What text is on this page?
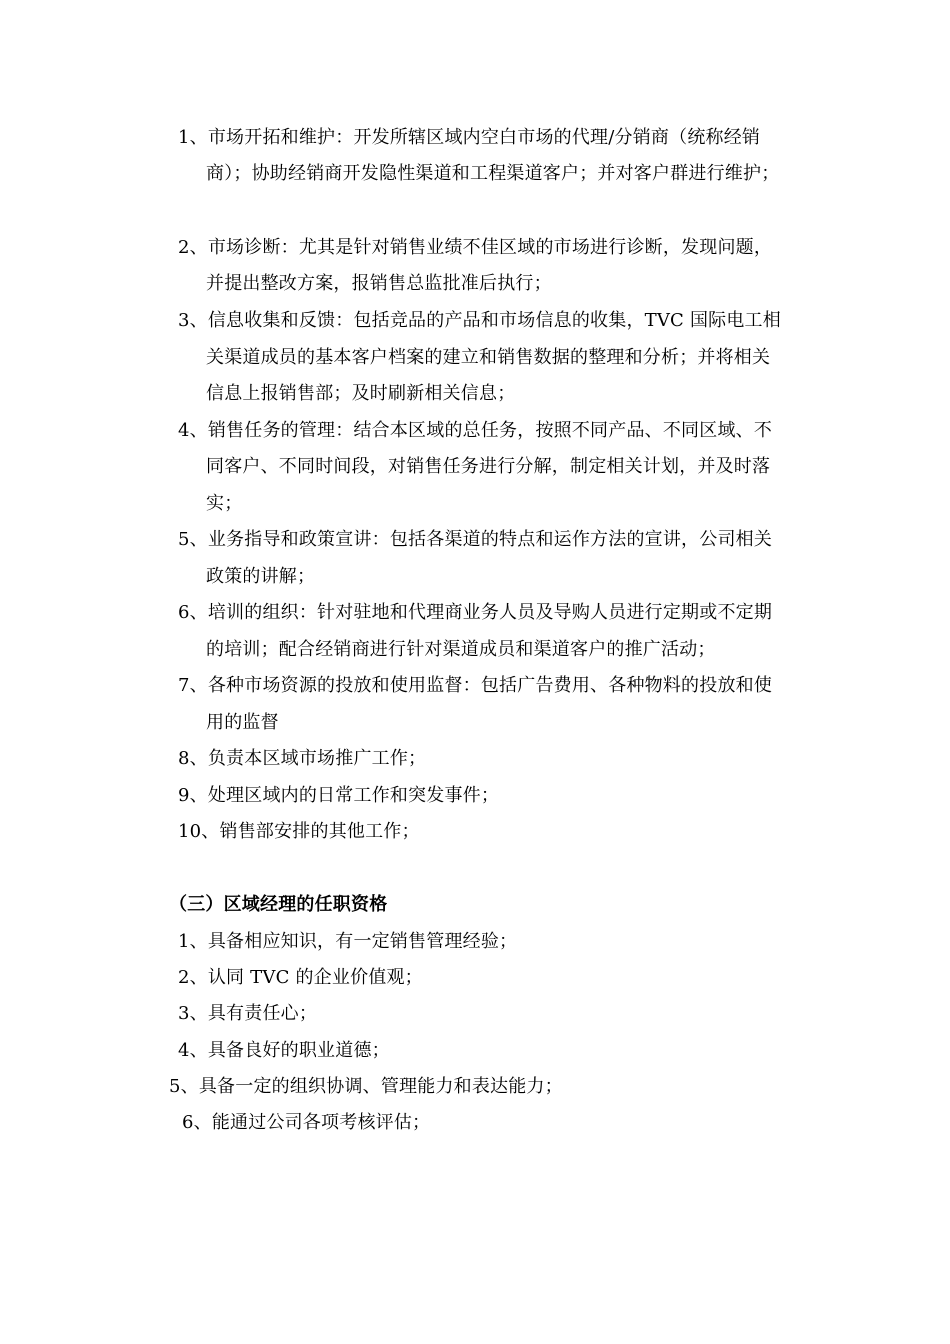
1、市场开拓和维护：开发所辖区域内空白市场的代理/分销商（统称经销
商）；协助经销商开发隐性渠道和工程渠道客户；并对客户群进行维护；
2、市场诊断：尤其是针对销售业绩不佳区域的市场进行诊断，发现问题，
并提出整改方案，报销售总监批准后执行；
3、信息收集和反馈：包括竞品的产品和市场信息的收集，TVC 国际电工相
关渠道成员的基本客户档案的建立和销售数据的整理和分析；并将相关
信息上报销售部；及时刷新相关信息；
4、销售任务的管理：结合本区域的总任务，按照不同产品、不同区域、不
同客户、不同时间段，对销售任务进行分解，制定相关计划，并及时落
实；
5、业务指导和政策宣讲：包括各渠道的特点和运作方法的宣讲，公司相关
政策的讲解；
6、培训的组织：针对驻地和代理商业务人员及导购人员进行定期或不定期
的培训；配合经销商进行针对渠道成员和渠道客户的推广活动；
7、各种市场资源的投放和使用监督：包括广告费用、各种物料的投放和使
用的监督
8、负责本区域市场推广工作；
9、处理区域内的日常工作和突发事件；
10、销售部安排的其他工作；
（三）区域经理的任职资格
1、具备相应知识，有一定销售管理经验；
2、认同 TVC 的企业价值观；
3、具有责任心；
4、具备良好的职业道德；
5、具备一定的组织协调、管理能力和表达能力；
6、能通过公司各项考核评估；
